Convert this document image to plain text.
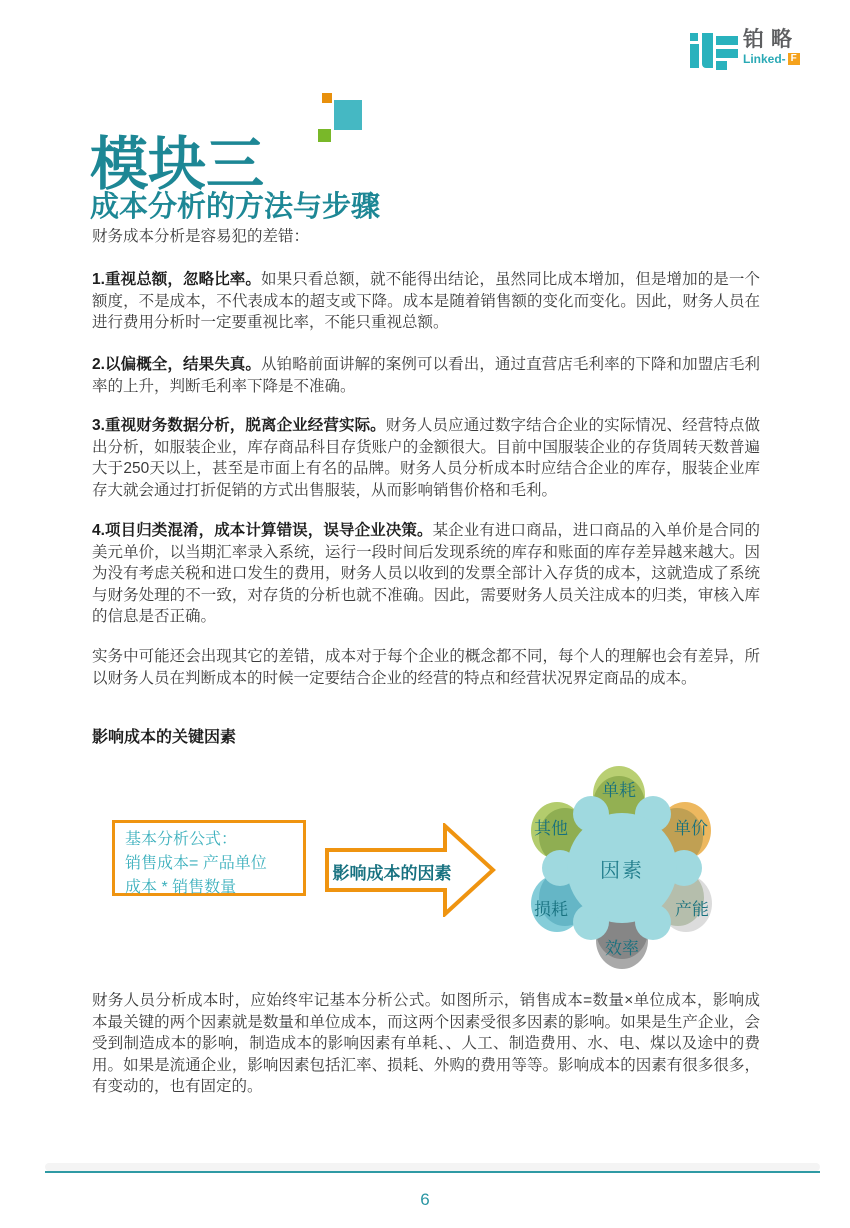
铂略
Linked- F
模块三
成本分析的方法与步骤

财务成本分析是容易犯的差错：

1.重视总额，忽略比率。如果只看总额，就不能得出结论，虽然同比成本增加，但是增加的是一个额度，不是成本，不代表成本的超支或下降。成本是随着销售额的变化而变化。因此，财务人员在进行费用分析时一定要重视比率，不能只重视总额。

2.以偏概全，结果失真。从铂略前面讲解的案例可以看出，通过直营店毛利率的下降和加盟店毛利率的上升，判断毛利率下降是不准确。

3.重视财务数据分析，脱离企业经营实际。财务人员应通过数字结合企业的实际情况、经营特点做出分析，如服装企业，库存商品科目存货账户的金额很大。目前中国服装企业的存货周转天数普遍大于250天以上，甚至是市面上有名的品牌。财务人员分析成本时应结合企业的库存，服装企业库存大就会通过打折促销的方式出售服装，从而影响销售价格和毛利。

4.项目归类混淆，成本计算错误，误导企业决策。某企业有进口商品，进口商品的入单价是合同的美元单价，以当期汇率录入系统，运行一段时间后发现系统的库存和账面的库存差异越来越大。因为没有考虑关税和进口发生的费用，财务人员以收到的发票全部计入存货的成本，这就造成了系统与财务处理的不一致，对存货的分析也就不准确。因此，需要财务人员关注成本的归类，审核入库的信息是否正确。

实务中可能还会出现其它的差错，成本对于每个企业的概念都不同，每个人的理解也会有差异，所以财务人员在判断成本的时候一定要结合企业的经营的特点和经营状况界定商品的成本。

影响成本的关键因素
基本分析公式：
销售成本= 产品单位
成本 * 销售数量
影响成本的因素	因素
单耗
单价
产能
效率
损耗
其他

财务人员分析成本时，应始终牢记基本分析公式。如图所示，销售成本=数量×单位成本，影响成本最关键的两个因素就是数量和单位成本，而这两个因素受很多因素的影响。如果是生产企业，会受到制造成本的影响，制造成本的影响因素有单耗、、人工、制造费用、水、电、煤以及途中的费用。如果是流通企业，影响因素包括汇率、损耗、外购的费用等等。影响成本的因素有很多很多，有变动的，也有固定的。

6
